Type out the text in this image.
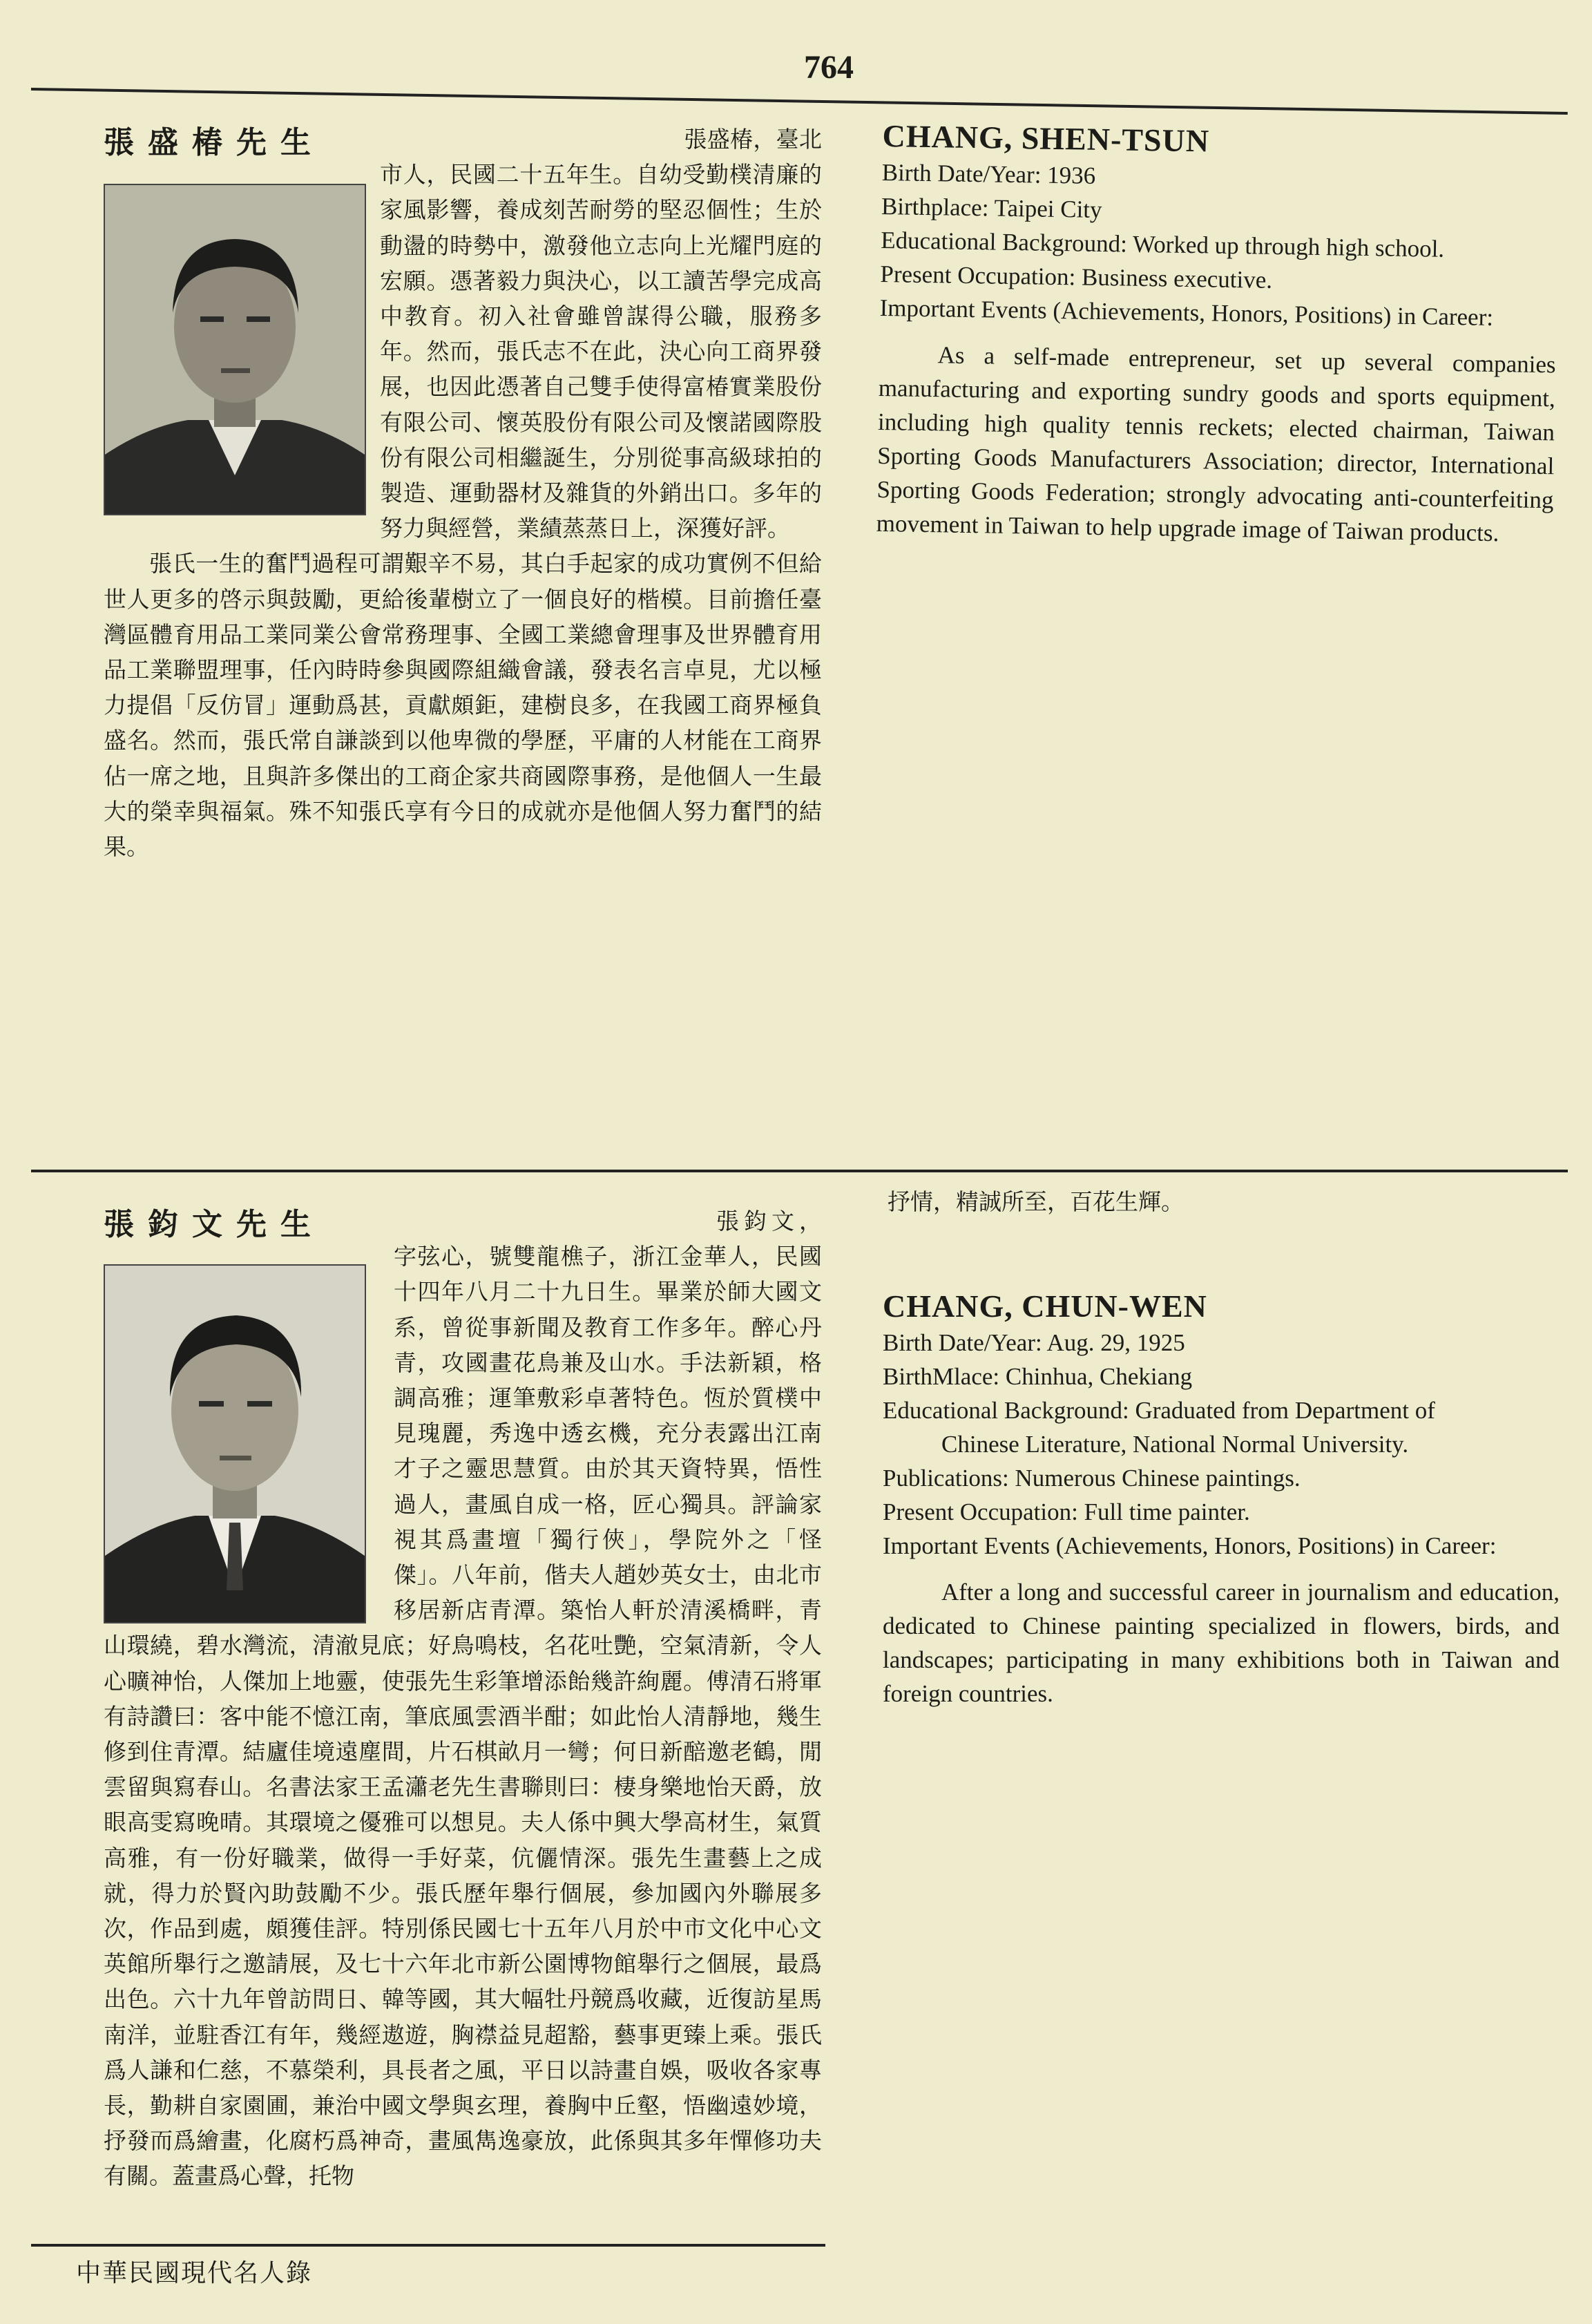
764
張盛椿先生	張盛椿，臺北市人，民國二十五年生。自幼受勤樸清廉的家風影響，養成刻苦耐勞的堅忍個性；生於動盪的時勢中，激發他立志向上光耀門庭的宏願。憑著毅力與決心，以工讀苦學完成高中教育。初入社會雖曾謀得公職，服務多年。然而，張氏志不在此，決心向工商界發展，也因此憑著自己雙手使得富椿實業股份有限公司、懷英股份有限公司及懷諾國際股份有限公司相繼誕生，分別從事高級球拍的製造、運動器材及雜貨的外銷出口。多年的努力與經營，業績蒸蒸日上，深獲好評。

張氏一生的奮鬥過程可謂艱辛不易，其白手起家的成功實例不但給世人更多的啓示與鼓勵，更給後輩樹立了一個良好的楷模。目前擔任臺灣區體育用品工業同業公會常務理事、全國工業總會理事及世界體育用品工業聯盟理事，任內時時參與國際組織會議，發表名言卓見，尤以極力提倡「反仿冒」運動爲甚，貢獻頗鉅，建樹良多，在我國工商界極負盛名。然而，張氏常自謙談到以他卑微的學歷，平庸的人材能在工商界佔一席之地，且與許多傑出的工商企家共商國際事務，是他個人一生最大的榮幸與福氣。殊不知張氏享有今日的成就亦是他個人努力奮鬥的結果。

CHANG, SHEN-TSUN
Birth Date/Year: 1936
Birthplace: Taipei City
Educational Background: Worked up through high school.
Present Occupation: Business executive.
Important Events (Achievements, Honors, Positions) in Career:
As a self-made entrepreneur, set up several companies manufacturing and exporting sundry goods and sports equipment, including high quality tennis reckets; elected chairman, Taiwan Sporting Goods Manufacturers Association; director, International Sporting Goods Federation; strongly advocating anti-counterfeiting movement in Taiwan to help upgrade image of Taiwan products.
張鈞文先生	張鈞文，字弦心，號雙龍樵子，浙江金華人，民國十四年八月二十九日生。畢業於師大國文系，曾從事新聞及教育工作多年。醉心丹青，攻國畫花鳥兼及山水。手法新穎，格調高雅；運筆敷彩卓著特色。恆於質樸中見瑰麗，秀逸中透玄機，充分表露出江南才子之靈思慧質。由於其天資特異，悟性過人，畫風自成一格，匠心獨具。評論家視其爲畫壇「獨行俠」，學院外之「怪傑」。八年前，偕夫人趙妙英女士，由北市移居新店青潭。築怡人軒於清溪橋畔，青山環繞，碧水灣流，清澈見底；好鳥鳴枝，名花吐艷，空氣清新，令人心曠神怡，人傑加上地靈，使張先生彩筆增添飴幾許絢麗。傅清石將軍有詩讚曰：客中能不憶江南，筆底風雲酒半酣；如此怡人清靜地，幾生修到住青潭。結廬佳境遠塵間，片石棋畝月一彎；何日新醅邀老鶴，閒雲留與寫春山。名書法家王孟瀟老先生書聯則曰：棲身樂地怡天爵，放眼高雯寫晚晴。其環境之優雅可以想見。夫人係中興大學高材生，氣質高雅，有一份好職業，做得一手好菜，伉儷情深。張先生畫藝上之成就，得力於賢內助鼓勵不少。張氏歷年舉行個展，參加國內外聯展多次，作品到處，頗獲佳評。特別係民國七十五年八月於中市文化中心文英館所舉行之邀請展，及七十六年北市新公園博物館舉行之個展，最爲出色。六十九年曾訪問日、韓等國，其大幅牡丹競爲收藏，近復訪星馬南洋，並駐香江有年，幾經遨遊，胸襟益見超豁，藝事更臻上乘。張氏爲人謙和仁慈，不慕榮利，具長者之風，平日以詩畫自娛，吸收各家專長，勤耕自家園圃，兼治中國文學與玄理，養胸中丘壑，悟幽遠妙境，抒發而爲繪畫，化腐朽爲神奇，畫風雋逸豪放，此係與其多年憚修功夫有關。蓋畫爲心聲，托物

抒情，精誠所至，百花生輝。
CHANG, CHUN-WEN
Birth Date/Year: Aug. 29, 1925
BirthMlace: Chinhua, Chekiang
Educational Background: Graduated from Department of
Chinese Literature, National Normal University.
Publications: Numerous Chinese paintings.
Present Occupation: Full time painter.
Important Events (Achievements, Honors, Positions) in Career:
After a long and successful career in journalism and education, dedicated to Chinese painting specialized in flowers, birds, and landscapes; participating in many exhibitions both in Taiwan and foreign countries.
中華民國現代名人錄
